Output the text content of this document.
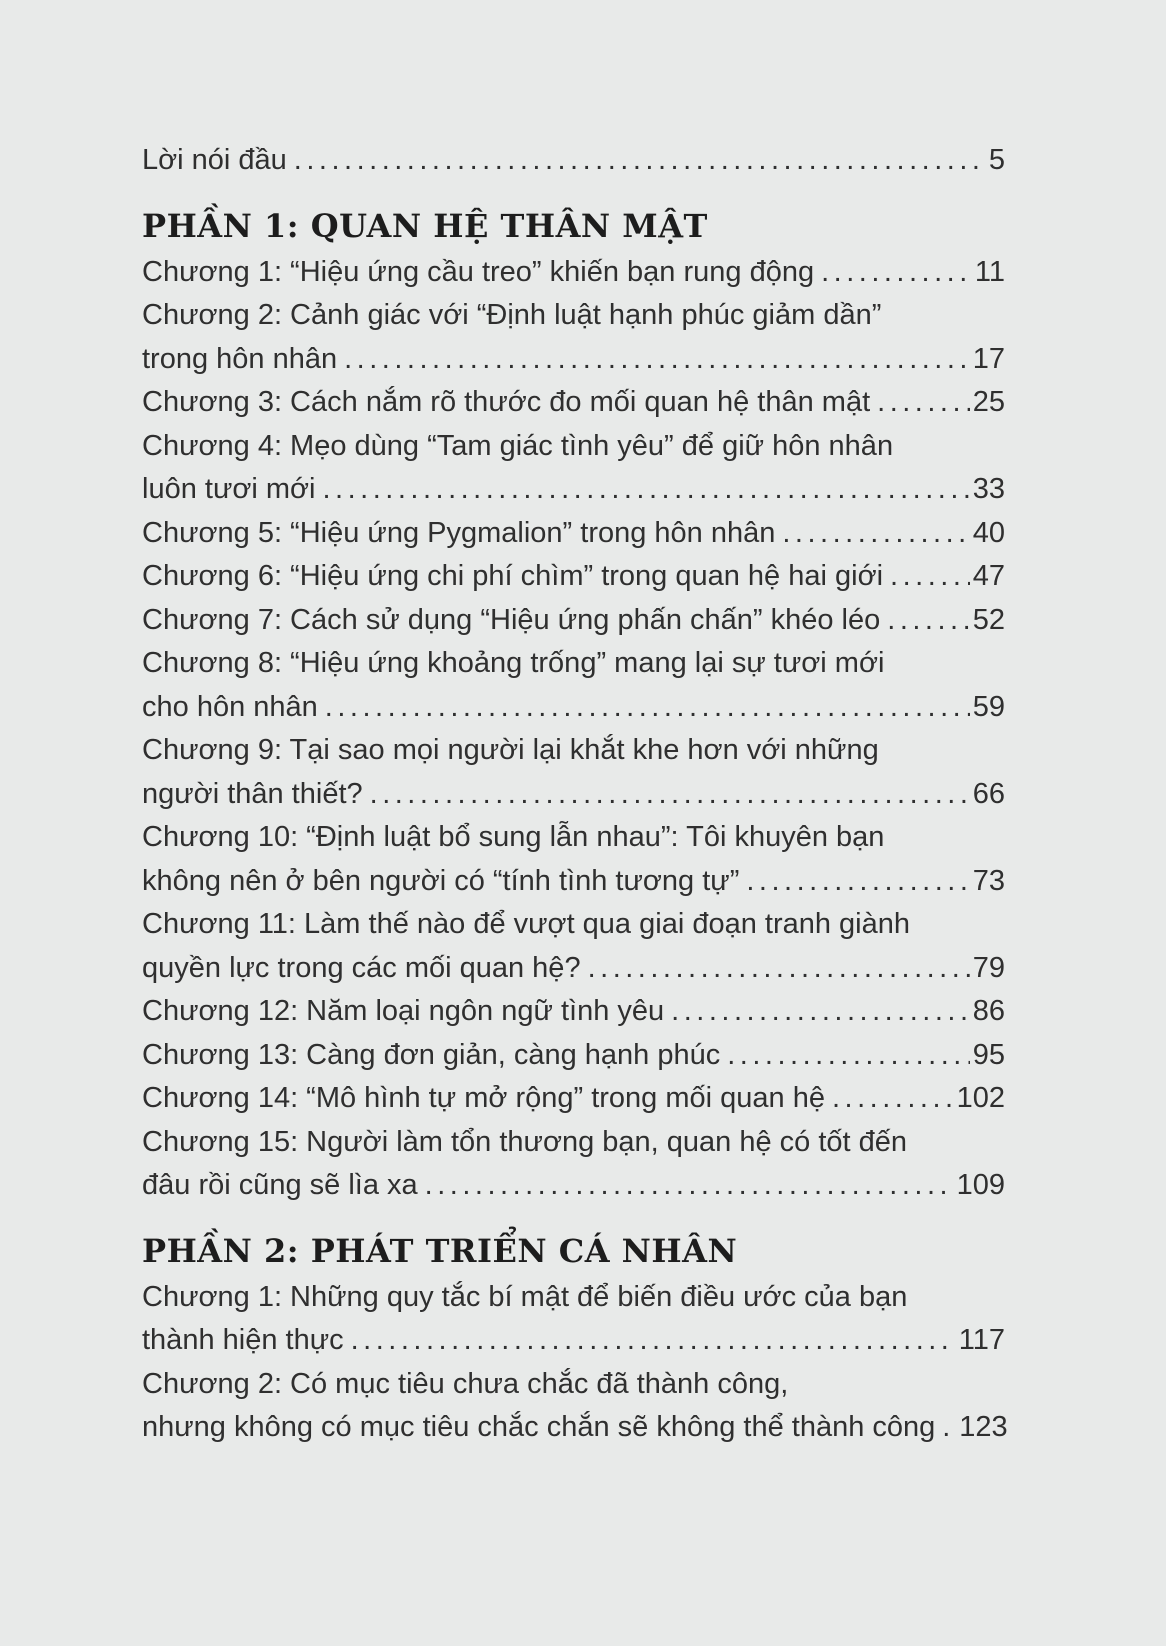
Lời nói đầu .....	5
PHẦN 1: QUAN HỆ THÂN MẬT
Chương 1: “Hiệu ứng cầu treo” khiến bạn rung động .....	11
Chương 2: Cảnh giác với “Định luật hạnh phúc giảm dần”
trong hôn nhân .....	17
Chương 3: Cách nắm rõ thước đo mối quan hệ thân mật .....	25
Chương 4: Mẹo dùng “Tam giác tình yêu” để giữ hôn nhân
luôn tươi mới .....	33
Chương 5: “Hiệu ứng Pygmalion” trong hôn nhân .....	40
Chương 6: “Hiệu ứng chi phí chìm” trong quan hệ hai giới .....	47
Chương 7: Cách sử dụng “Hiệu ứng phấn chấn” khéo léo .....	52
Chương 8: “Hiệu ứng khoảng trống” mang lại sự tươi mới
cho hôn nhân .....	59
Chương 9: Tại sao mọi người lại khắt khe hơn với những
người thân thiết? .....	66
Chương 10: “Định luật bổ sung lẫn nhau”: Tôi khuyên bạn
không nên ở bên người có “tính tình tương tự” .....	73
Chương 11: Làm thế nào để vượt qua giai đoạn tranh giành
quyền lực trong các mối quan hệ? .....	79
Chương 12: Năm loại ngôn ngữ tình yêu .....	86
Chương 13: Càng đơn giản, càng hạnh phúc .....	95
Chương 14: “Mô hình tự mở rộng” trong mối quan hệ .....	102
Chương 15: Người làm tổn thương bạn, quan hệ có tốt đến
đâu rồi cũng sẽ lìa xa .....	109
PHẦN 2: PHÁT TRIỂN CÁ NHÂN
Chương 1: Những quy tắc bí mật để biến điều ước của bạn
thành hiện thực .....	117
Chương 2: Có mục tiêu chưa chắc đã thành công,
nhưng không có mục tiêu chắc chắn sẽ không thể thành công ..... 123
